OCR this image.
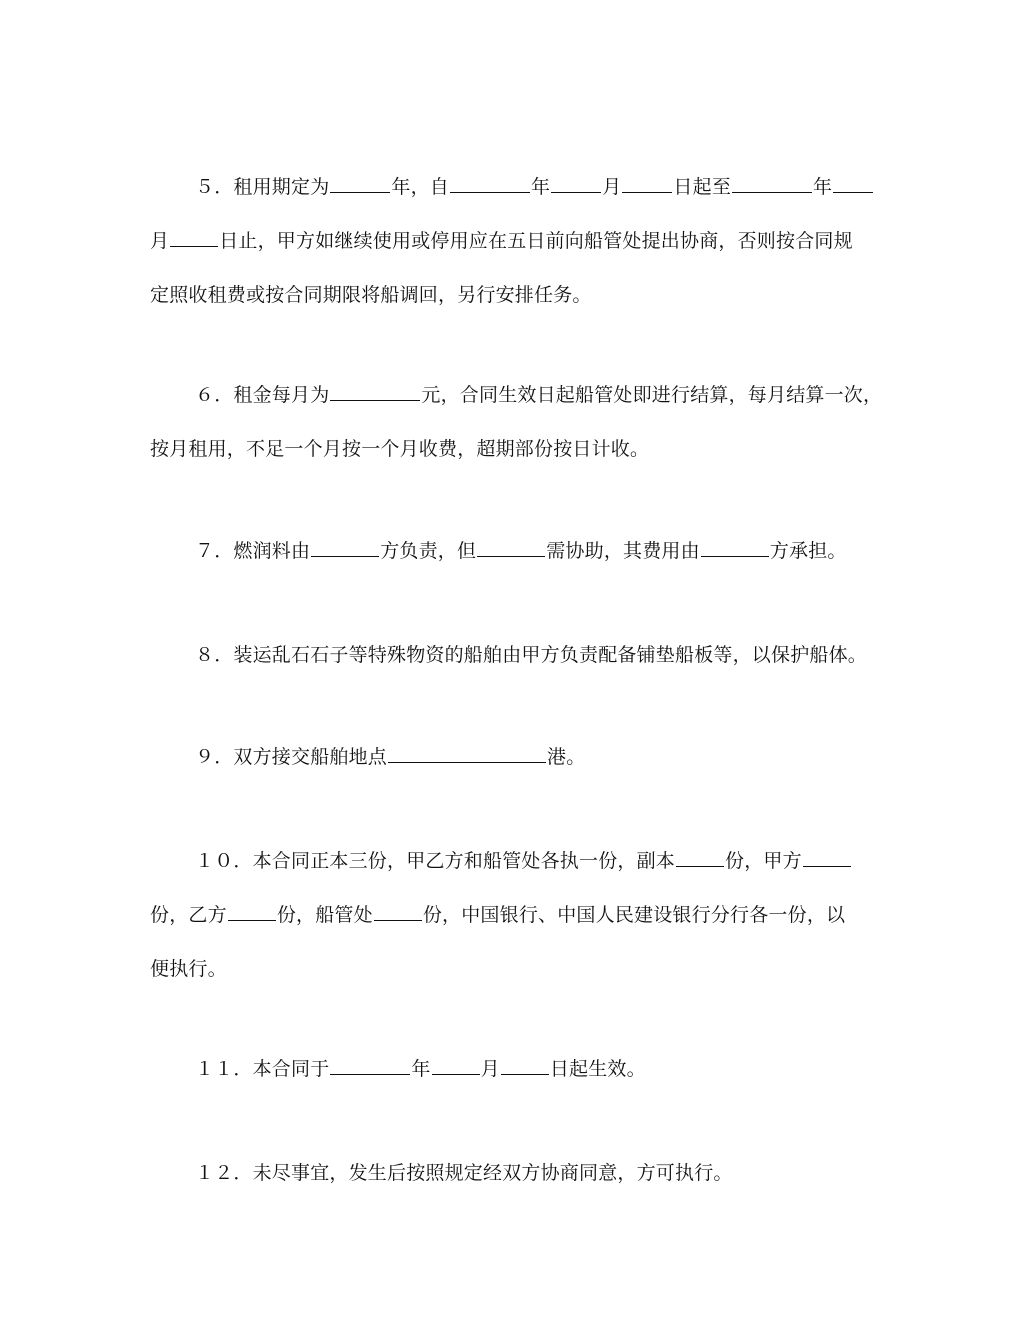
５．租用期定为	年，自	年	月	日起至	年
月	日止，甲方如继续使用或停用应在五日前向船管处提出协商，否则按合同规
定照收租费或按合同期限将船调回，另行安排任务。
６．租金每月为	元，合同生效日起船管处即进行结算，每月结算一次，
按月租用，不足一个月按一个月收费，超期部份按日计收。
７．燃润料由	方负责，但	需协助，其费用由	方承担。
８．装运乱石石子等特殊物资的船舶由甲方负责配备铺垫船板等，以保护船体。
９．双方接交船舶地点	港。
１０．本合同正本三份，甲乙方和船管处各执一份，副本	份，甲方
份，乙方	份，船管处	份，中国银行、中国人民建设银行分行各一份，以
便执行。
１１．本合同于	年	月	日起生效。
１２．未尽事宜，发生后按照规定经双方协商同意，方可执行。
